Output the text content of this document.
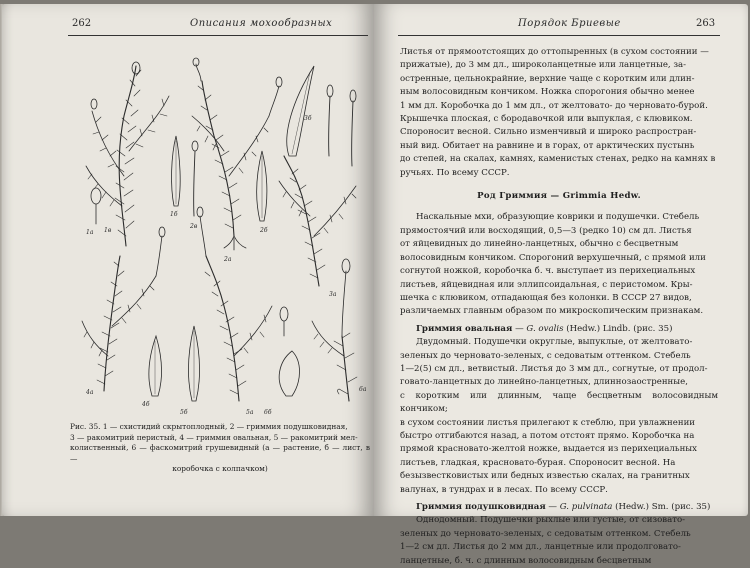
262	Описания мохообразных
1а
1б
1в
2а
2б
2в
3а
3б
4а
4б
5а
5б
6а
6б
Рис. 35. 1 — схистидий скрытоплодный, 2 — гриммия подушковидная,
3 — ракомитрий перистый, 4 — гриммия овальная, 5 — ракомитрий мел-
колиственный, 6 — фаскомитрий грушевидный (а — растение, б — лист, в —
коробочка с колпачком)
Порядок Бриевые	263

Листья от прямоотстоящих до оттопыренных (в сухом состоянии —

прижатые), до 3 мм дл., широколанцетные или ланцетные, за-

остренные, цельнокрайние, верхние чаще с коротким или длин-

ным волосовидным кончиком. Ножка спорогония обычно менее

1 мм дл. Коробочка до 1 мм дл., от желтовато- до черновато-бурой.

Крышечка плоская, с бородавочкой или выпуклая, с клювиком.

Спороносит весной. Сильно изменчивый и широко распростран-

ный вид. Обитает на равнине и в горах, от арктических пустынь

до степей, на скалах, камнях, каменистых стенах, редко на камнях в

ручьях. По всему СССР.

Род Гриммия — Grimmia Hedw.

Наскальные мхи, образующие коврики и подушечки. Стебель

прямостоячий или восходящий, 0,5—3 (редко 10) см дл. Листья

от яйцевидных до линейно-ланцетных, обычно с бесцветным

волосовидным кончиком. Спорогоний верхушечный, с прямой или

согнутой ножкой, коробочка б. ч. выступает из перихециальных

листьев, яйцевидная или эллипсоидальная, с перистомом. Кры-

шечка с клювиком, отпадающая без колонки. В СССР 27 видов,

различаемых главным образом по микроскопическим признакам.

Гриммия овальная — G. ovalis (Hedw.) Lindb. (рис. 35)

Двудомный. Подушечки округлые, выпуклые, от желтовато-

зеленых до черновато-зеленых, с седоватым оттенком. Стебель

1—2(5) см дл., ветвистый. Листья до 3 мм дл., согнутые, от продол-

говато-ланцетных до линейно-ланцетных, длиннозаостренные,

с коротким или длинным, чаще бесцветным волосовидным кончиком;

в сухом состоянии листья прилегают к стеблю, при увлажнении

быстро отгибаются назад, а потом отстоят прямо. Коробочка на

прямой красновато-желтой ножке, выдается из перихециальных

листьев, гладкая, красновато-бурая. Спороносит весной. На

безызвестковистых или бедных известью скалах, на гранитных

валунах, в тундрах и в лесах. По всему СССР.

Гриммия подушковидная — G. pulvinata (Hedw.) Sm. (рис. 35)

Однодомный. Подушечки рыхлые или густые, от сизовато-

зеленых до черновато-зеленых, с седоватым оттенком. Стебель

1—2 см дл. Листья до 2 мм дл., ланцетные или продолговато-

ланцетные, б. ч. с длинным волосовидным бесцветным
